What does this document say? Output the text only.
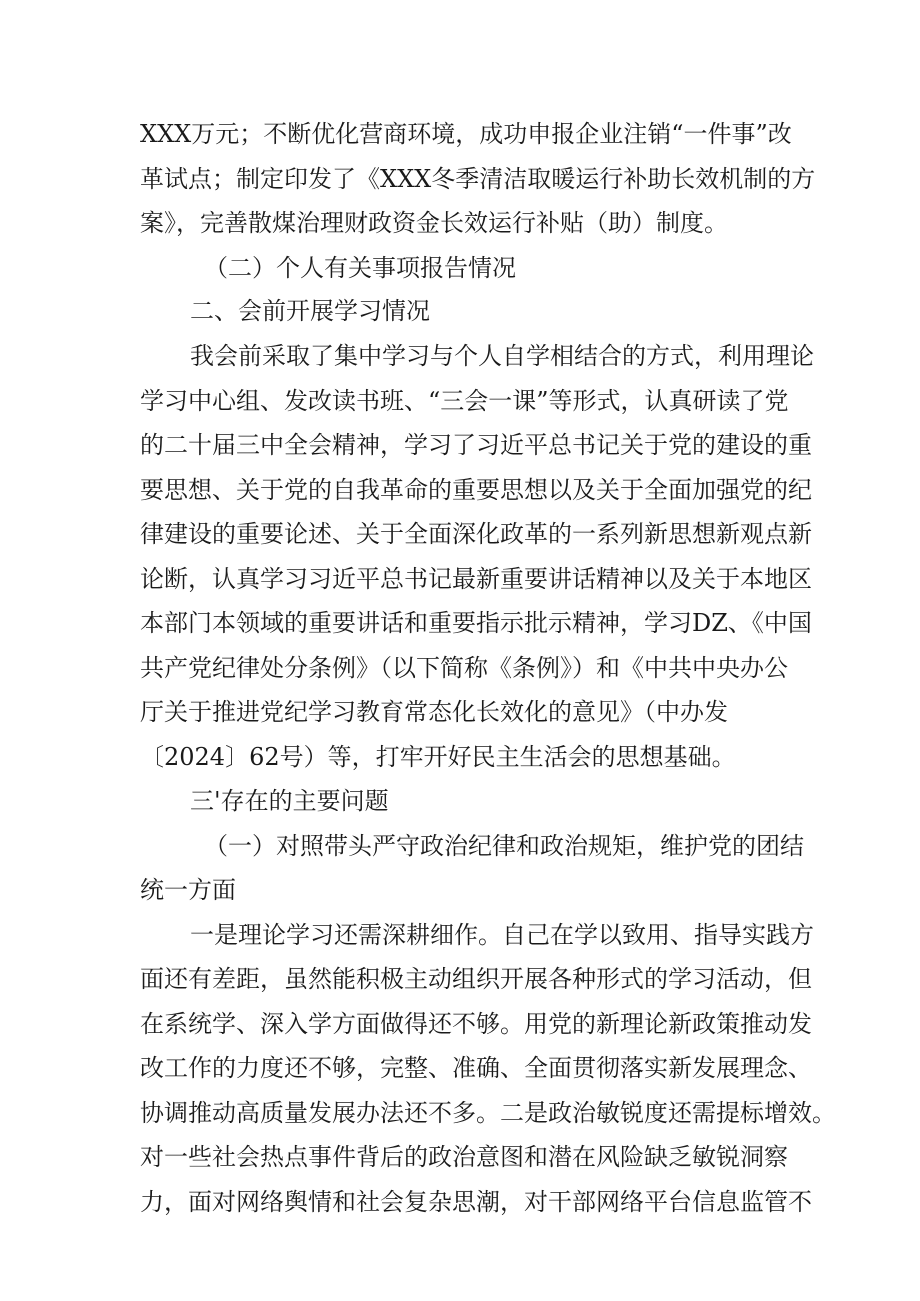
XXX万元；不断优化营商环境，成功申报企业注销“一件事”改
革试点；制定印发了《XXX冬季清洁取暖运行补助长效机制的方
案》，完善散煤治理财政资金长效运行补贴（助）制度。
（二）个人有关事项报告情况
二、会前开展学习情况
我会前采取了集中学习与个人自学相结合的方式，利用理论
学习中心组、发改读书班、“三会一课”等形式，认真研读了党
的二十届三中全会精神，学习了习近平总书记关于党的建设的重
要思想、关于党的自我革命的重要思想以及关于全面加强党的纪
律建设的重要论述、关于全面深化政革的一系列新思想新观点新
论断，认真学习习近平总书记最新重要讲话精神以及关于本地区
本部门本领域的重要讲话和重要指示批示精神，学习DZ、《中国
共产党纪律处分条例》（以下简称《条例》）和《中共中央办公
厅关于推进党纪学习教育常态化长效化的意见》（中办发
〔2024〕62号）等，打牢开好民主生活会的思想基础。
三'存在的主要问题
（一）对照带头严守政治纪律和政治规矩，维护党的团结
统一方面
一是理论学习还需深耕细作。自己在学以致用、指导实践方
面还有差距，虽然能积极主动组织开展各种形式的学习活动，但
在系统学、深入学方面做得还不够。用党的新理论新政策推动发
改工作的力度还不够，完整、准确、全面贯彻落实新发展理念、
协调推动高质量发展办法还不多。二是政治敏锐度还需提标增效。
对一些社会热点事件背后的政治意图和潜在风险缺乏敏锐洞察
力，面对网络舆情和社会复杂思潮，对干部网络平台信息监管不
